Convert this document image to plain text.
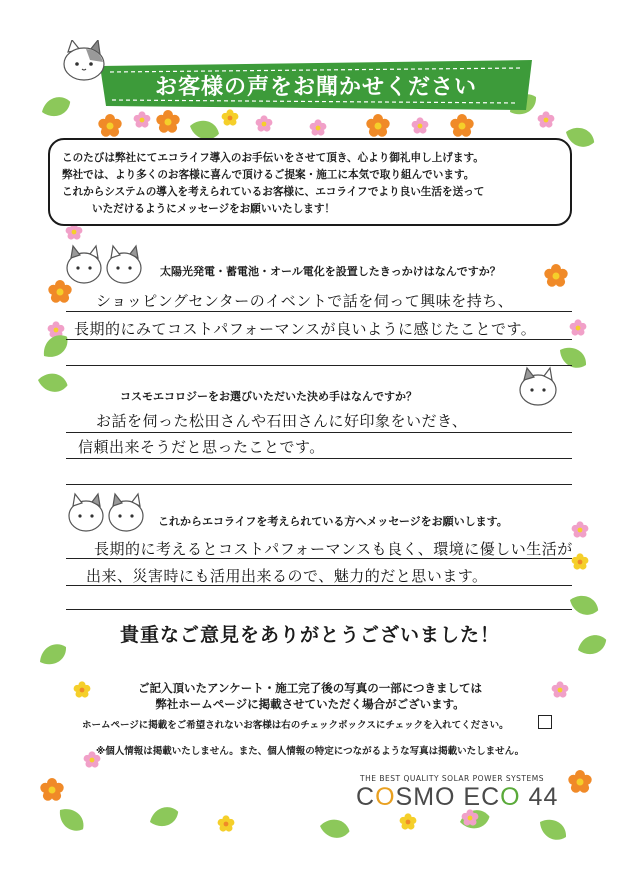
お客様の声をお聞かせください
このたびは弊社にてエコライフ導入のお手伝いをさせて頂き、心より御礼申し上げます。
弊社では、より多くのお客様に喜んで頂けるご提案・施工に本気で取り組んでいます。
これからシステムの導入を考えられているお客様に、エコライフでより良い生活を送って
いただけるようにメッセージをお願いいたします！
太陽光発電・蓄電池・オール電化を設置したきっかけはなんですか？
ショッピングセンターのイベントで話を伺って興味を持ち、
長期的にみてコストパフォーマンスが良いように感じたことです。
コスモエコロジーをお選びいただいた決め手はなんですか？
お話を伺った松田さんや石田さんに好印象をいだき、
信頼出来そうだと思ったことです。
これからエコライフを考えられている方へメッセージをお願いします。
長期的に考えるとコストパフォーマンスも良く、環境に優しい生活が
出来、災害時にも活用出来るので、魅力的だと思います。
貴重なご意見をありがとうございました！
ご記入頂いたアンケート・施工完了後の写真の一部につきましては
弊社ホームページに掲載させていただく場合がございます。
ホームページに掲載をご希望されないお客様は右のチェックボックスにチェックを入れてください。
※個人情報は掲載いたしません。また、個人情報の特定につながるような写真は掲載いたしません。
THE BEST QUALITY SOLAR POWER SYSTEMS
COSMO ECO 44
